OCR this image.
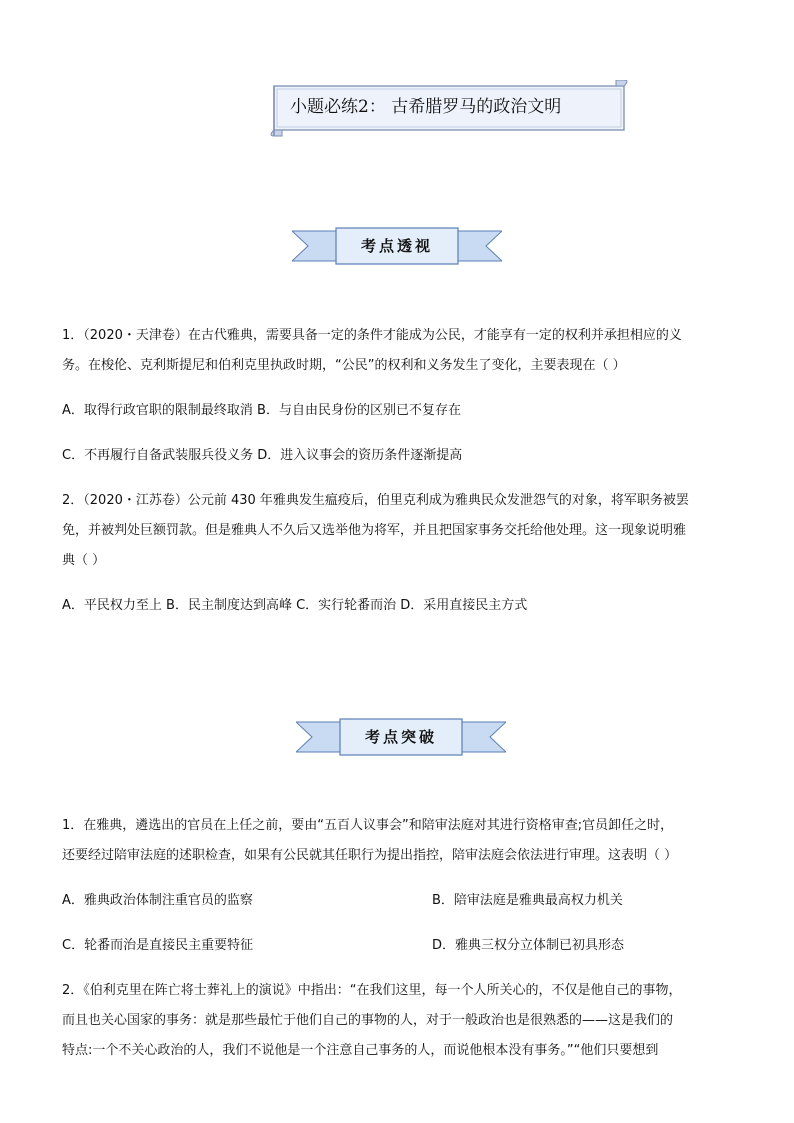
小题必练2： 古希腊罗马的政治文明
考点透视
1．（2020・天津卷）在古代雅典，需要具备一定的条件才能成为公民，才能享有一定的权利并承担相应的义
务。在梭伦、克利斯提尼和伯利克里执政时期，“公民”的权利和义务发生了变化，主要表现在（ ）
A．取得行政官职的限制最终取消 B．与自由民身份的区别已不复存在
C．不再履行自备武装服兵役义务 D．进入议事会的资历条件逐渐提高
2．（2020・江苏卷）公元前 430 年雅典发生瘟疫后，伯里克利成为雅典民众发泄怨气的对象，将军职务被罢
免，并被判处巨额罚款。但是雅典人不久后又选举他为将军，并且把国家事务交托给他处理。这一现象说明雅
典（ ）
A．平民权力至上 B．民主制度达到高峰 C．实行轮番而治 D．采用直接民主方式
考点突破
1．在雅典，遴选出的官员在上任之前，要由“五百人议事会”和陪审法庭对其进行资格审查;官员卸任之时，
还要经过陪审法庭的述职检查，如果有公民就其任职行为提出指控，陪审法庭会依法进行审理。这表明（ ）
A．雅典政治体制注重官员的监察	B．陪审法庭是雅典最高权力机关
C．轮番而治是直接民主重要特征	D．雅典三权分立体制已初具形态
2．《伯利克里在阵亡将士葬礼上的演说》中指出：“在我们这里，每一个人所关心的，不仅是他自己的事物，
而且也关心国家的事务：就是那些最忙于他们自己的事物的人，对于一般政治也是很熟悉的——这是我们的
特点:一个不关心政治的人，我们不说他是一个注意自己事务的人，而说他根本没有事务。”“他们只要想到
